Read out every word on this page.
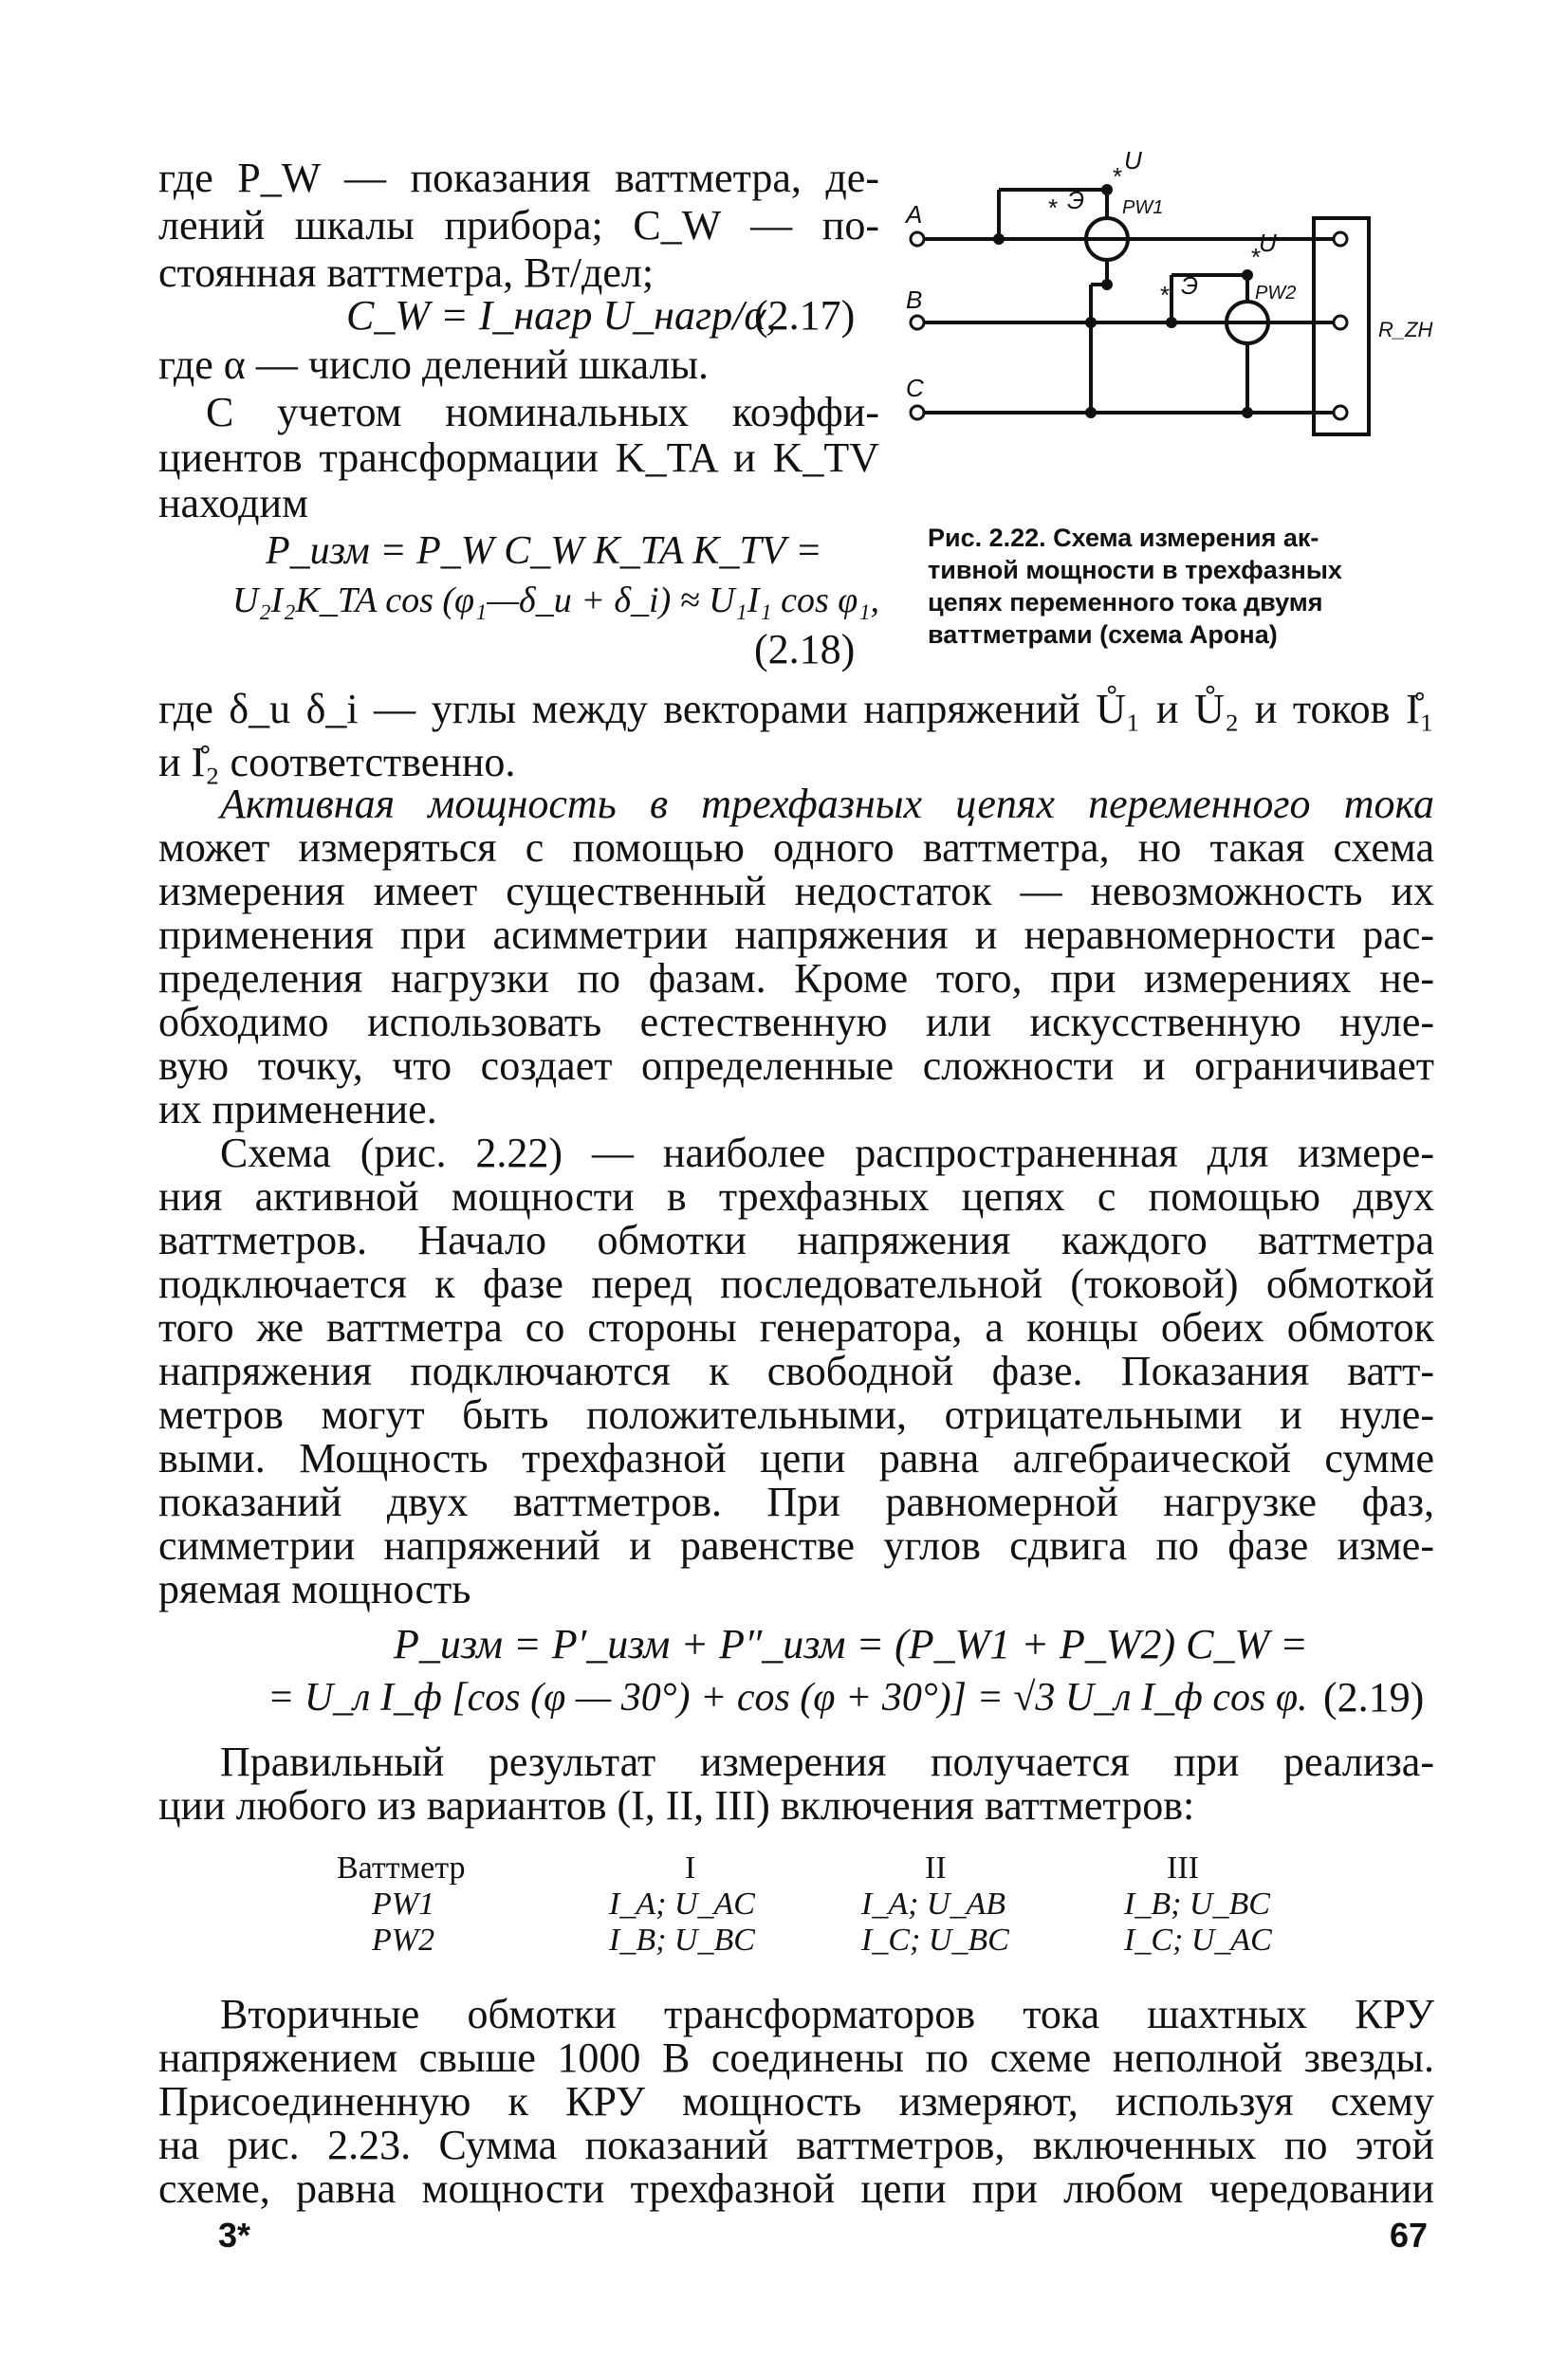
где P_W — показания ваттметра, де-
лений шкалы прибора; C_W — по-
стоянная ваттметра, Вт/дел;
C_W = I_нагр U_нагр/α,
(2.17)
где α — число делений шкалы.
С учетом номинальных коэффи-
циентов трансформации K_TA и K_TV
находим
P_изм = P_W C_W K_TA K_TV =
U₂I₂K_TA cos (φ₁—δ_u + δ_i) ≈ U₁I₁ cos φ₁,
(2.18)
A
B
C
U
PW1
U
PW2
Э
Э
*
*
*
*
R_ZH
Рис. 2.22. Схема измерения ак-
тивной мощности в трехфазных
цепях переменного тока двумя
ваттметрами (схема Арона)
где δ_u δ_i — углы между векторами напряжений Ů₁ и Ů₂ и токов I̊₁
и I̊₂ соответственно.
Активная мощность в трехфазных цепях переменного тока
может измеряться с помощью одного ваттметра, но такая схема
измерения имеет существенный недостаток — невозможность их
применения при асимметрии напряжения и неравномерности рас-
пределения нагрузки по фазам. Кроме того, при измерениях не-
обходимо использовать естественную или искусственную нуле-
вую точку, что создает определенные сложности и ограничивает
их применение.
Схема (рис. 2.22) — наиболее распространенная для измере-
ния активной мощности в трехфазных цепях с помощью двух
ваттметров. Начало обмотки напряжения каждого ваттметра
подключается к фазе перед последовательной (токовой) обмоткой
того же ваттметра со стороны генератора, а концы обеих обмоток
напряжения подключаются к свободной фазе. Показания ватт-
метров могут быть положительными, отрицательными и нуле-
выми. Мощность трехфазной цепи равна алгебраической сумме
показаний двух ваттметров. При равномерной нагрузке фаз,
симметрии напряжений и равенстве углов сдвига по фазе изме-
ряемая мощность
P_изм = P′_изм + P″_изм = (P_W1 + P_W2) C_W =
= U_л I_ф [cos (φ — 30°) + cos (φ + 30°)] = √3 U_л I_ф cos φ. (2.19)
Правильный результат измерения получается при реализа-
ции любого из вариантов (I, II, III) включения ваттметров:
Ваттметр	I	II	III
PW1	I_A; U_AC	I_A; U_AB	I_B; U_BC
PW2	I_B; U_BC	I_C; U_BC	I_C; U_AC
Вторичные обмотки трансформаторов тока шахтных КРУ
напряжением свыше 1000 В соединены по схеме неполной звезды.
Присоединенную к КРУ мощность измеряют, используя схему
на рис. 2.23. Сумма показаний ваттметров, включенных по этой
схеме, равна мощности трехфазной цепи при любом чередовании
3*	67
